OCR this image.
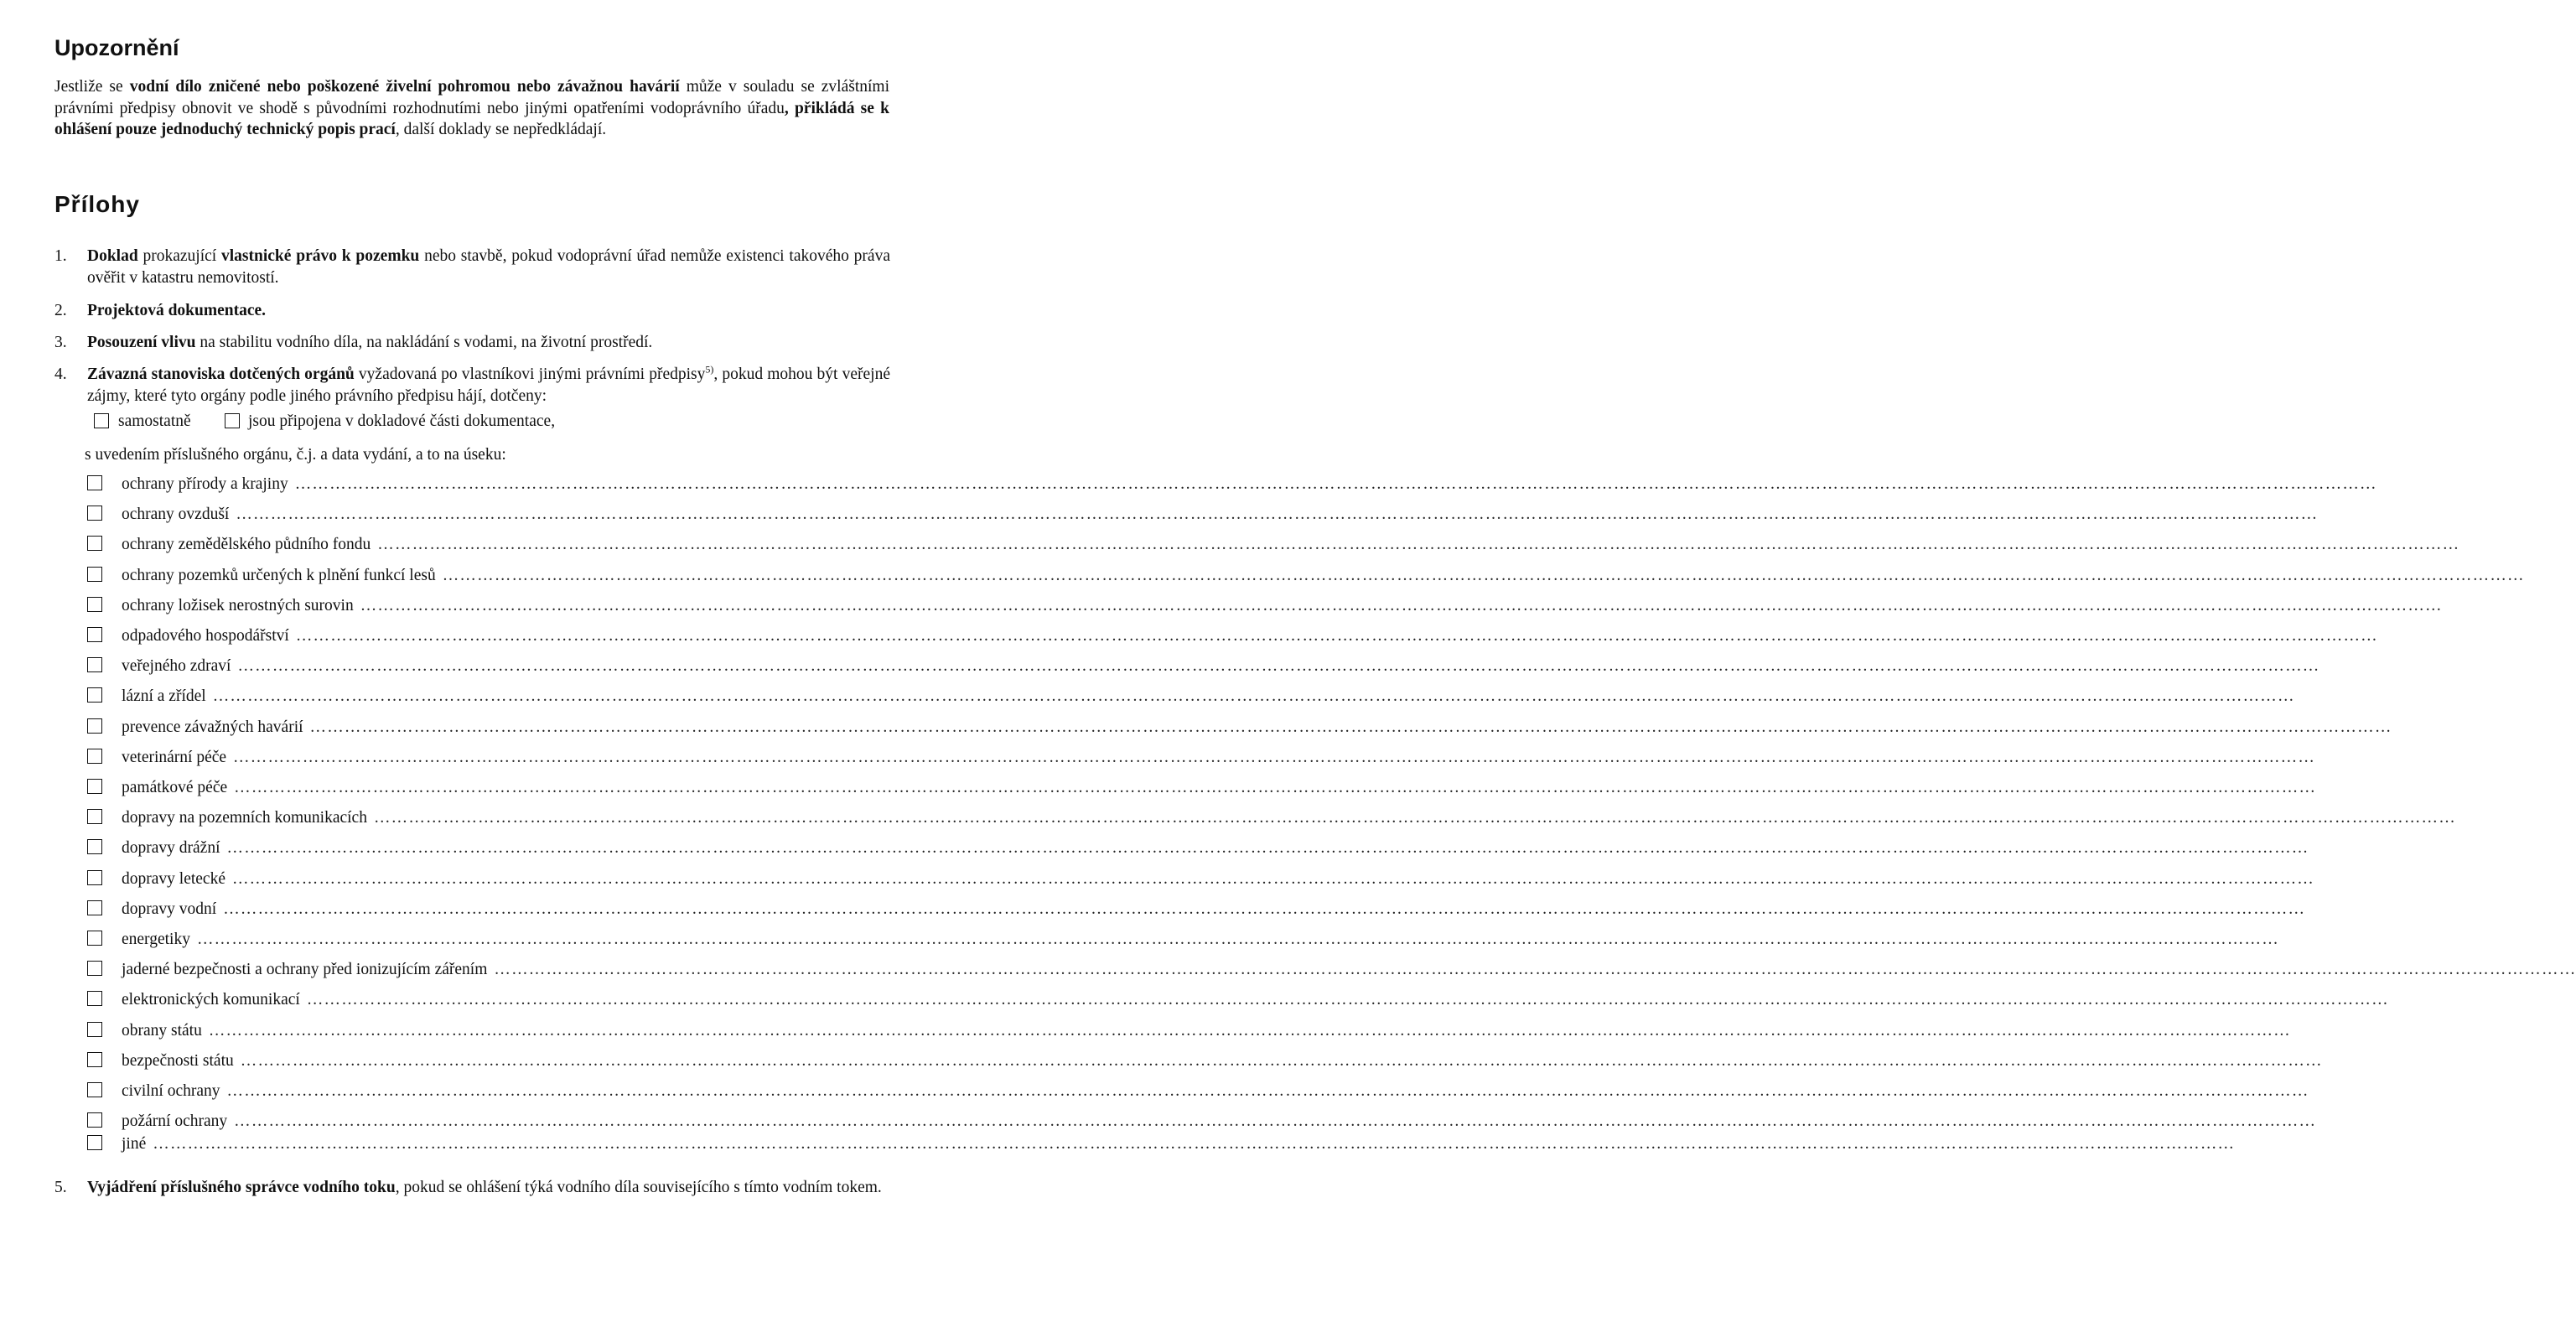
Upozornění

Jestliže se vodní dílo zničené nebo poškozené živelní pohromou nebo závažnou havárií může v souladu se zvláštními právními předpisy obnovit ve shodě s původními rozhodnutími nebo jinými opatřeními vodoprávního úřadu, přikládá se k ohlášení pouze jednoduchý technický popis prací, další doklady se nepředkládají.

Přílohy
1. Doklad prokazující vlastnické právo k pozemku nebo stavbě, pokud vodoprávní úřad nemůže existenci takového práva ověřit v katastru nemovitostí.

2. Projektová dokumentace.

3. Posouzení vlivu na stabilitu vodního díla, na nakládání s vodami, na životní prostředí.

4. Závazná stanoviska dotčených orgánů vyžadovaná po vlastníkovi jinými právními předpisy$^{5)}$, pokud mohou být veřejné zájmy, které tyto orgány podle jiného právního předpisu hájí, dotčeny:

samostatně	jsou připojena v dokladové části dokumentace,
s uvedením příslušného orgánu, č.j. a data vydání, a to na úseku:
ochrany přírody a krajiny ………………………………………………………………………………………………………………………………………………………………………………………………………………………………………………………………………………………………………………………………
ochrany ovzduší ………………………………………………………………………………………………………………………………………………………………………………………………………………………………………………………………………………………………………………………………
ochrany zemědělského půdního fondu ………………………………………………………………………………………………………………………………………………………………………………………………………………………………………………………………………………………………………………………………
ochrany pozemků určených k plnění funkcí lesů ………………………………………………………………………………………………………………………………………………………………………………………………………………………………………………………………………………………………………………………………
ochrany ložisek nerostných surovin ………………………………………………………………………………………………………………………………………………………………………………………………………………………………………………………………………………………………………………………………
odpadového hospodářství ………………………………………………………………………………………………………………………………………………………………………………………………………………………………………………………………………………………………………………………………
veřejného zdraví ………………………………………………………………………………………………………………………………………………………………………………………………………………………………………………………………………………………………………………………………
lázní a zřídel ………………………………………………………………………………………………………………………………………………………………………………………………………………………………………………………………………………………………………………………………
prevence závažných havárií ………………………………………………………………………………………………………………………………………………………………………………………………………………………………………………………………………………………………………………………………
veterinární péče ………………………………………………………………………………………………………………………………………………………………………………………………………………………………………………………………………………………………………………………………
památkové péče ………………………………………………………………………………………………………………………………………………………………………………………………………………………………………………………………………………………………………………………………
dopravy na pozemních komunikacích ………………………………………………………………………………………………………………………………………………………………………………………………………………………………………………………………………………………………………………………………
dopravy drážní ………………………………………………………………………………………………………………………………………………………………………………………………………………………………………………………………………………………………………………………………
dopravy letecké ………………………………………………………………………………………………………………………………………………………………………………………………………………………………………………………………………………………………………………………………
dopravy vodní ………………………………………………………………………………………………………………………………………………………………………………………………………………………………………………………………………………………………………………………………
energetiky ………………………………………………………………………………………………………………………………………………………………………………………………………………………………………………………………………………………………………………………………
jaderné bezpečnosti a ochrany před ionizujícím zářením ………………………………………………………………………………………………………………………………………………………………………………………………………………………………………………………………………………………………………………………………
elektronických komunikací ………………………………………………………………………………………………………………………………………………………………………………………………………………………………………………………………………………………………………………………………
obrany státu ………………………………………………………………………………………………………………………………………………………………………………………………………………………………………………………………………………………………………………………………
bezpečnosti státu ………………………………………………………………………………………………………………………………………………………………………………………………………………………………………………………………………………………………………………………………
civilní ochrany ………………………………………………………………………………………………………………………………………………………………………………………………………………………………………………………………………………………………………………………………
požární ochrany ………………………………………………………………………………………………………………………………………………………………………………………………………………………………………………………………………………………………………………………………
jiné ………………………………………………………………………………………………………………………………………………………………………………………………………………………………………………………………………………………………………………………………
5. Vyjádření příslušného správce vodního toku, pokud se ohlášení týká vodního díla souvisejícího s tímto vodním tokem.
